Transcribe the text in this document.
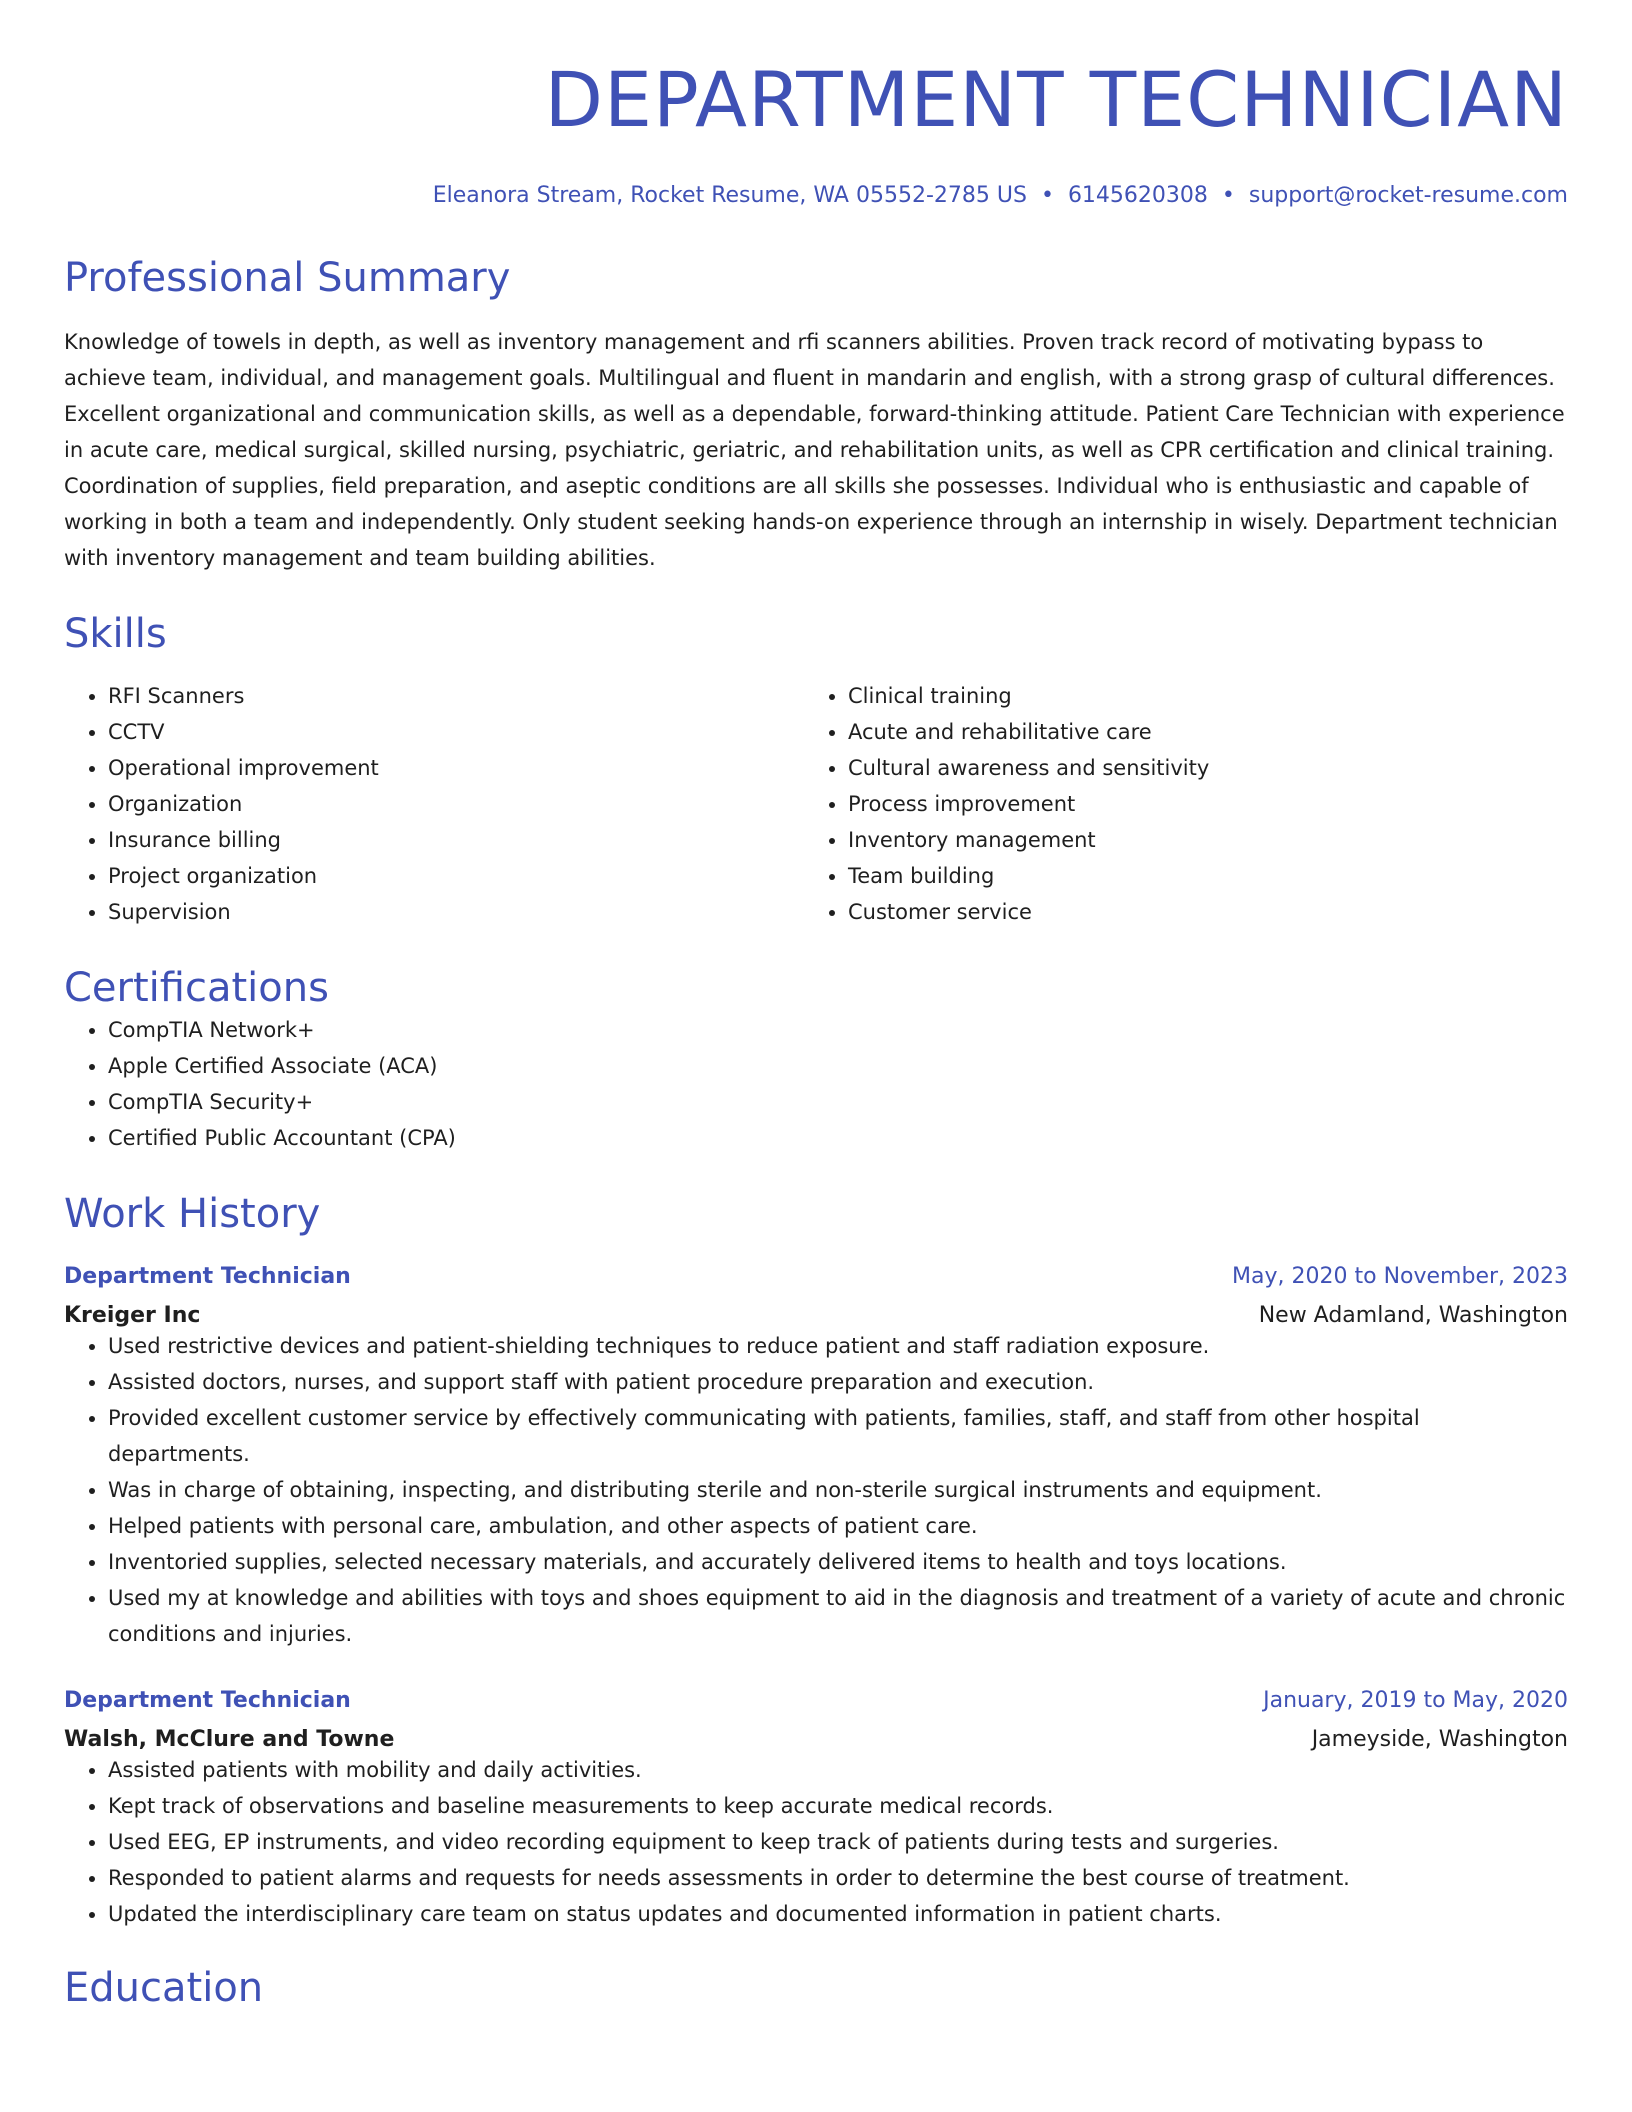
DEPARTMENT TECHNICIAN
Eleanora Stream, Rocket Resume, WA 05552-2785 US • 6145620308 • support@rocket-resume.com
Professional Summary

Knowledge of towels in depth, as well as inventory management and rfi scanners abilities. Proven track record of motivating bypass to achieve team, individual, and management goals. Multilingual and fluent in mandarin and english, with a strong grasp of cultural differences. Excellent organizational and communication skills, as well as a dependable, forward-thinking attitude. Patient Care Technician with experience in acute care, medical surgical, skilled nursing, psychiatric, geriatric, and rehabilitation units, as well as CPR certification and clinical training. Coordination of supplies, field preparation, and aseptic conditions are all skills she possesses. Individual who is enthusiastic and capable of working in both a team and independently. Only student seeking hands-on experience through an internship in wisely. Department technician with inventory management and team building abilities.

Skills
• RFI Scanners
• CCTV
• Operational improvement
• Organization
• Insurance billing
• Project organization
• Supervision
• Clinical training
• Acute and rehabilitative care
• Cultural awareness and sensitivity
• Process improvement
• Inventory management
• Team building
• Customer service
Certifications
• CompTIA Network+
• Apple Certified Associate (ACA)
• CompTIA Security+
• Certified Public Accountant (CPA)
Work History
Department Technician	May, 2020 to November, 2023
Kreiger Inc	New Adamland, Washington
• Used restrictive devices and patient-shielding techniques to reduce patient and staff radiation exposure.
• Assisted doctors, nurses, and support staff with patient procedure preparation and execution.
• Provided excellent customer service by effectively communicating with patients, families, staff, and staff from other hospital departments.
• Was in charge of obtaining, inspecting, and distributing sterile and non-sterile surgical instruments and equipment.
• Helped patients with personal care, ambulation, and other aspects of patient care.
• Inventoried supplies, selected necessary materials, and accurately delivered items to health and toys locations.
• Used my at knowledge and abilities with toys and shoes equipment to aid in the diagnosis and treatment of a variety of acute and chronic conditions and injuries.
Department Technician	January, 2019 to May, 2020
Walsh, McClure and Towne	Jameyside, Washington
• Assisted patients with mobility and daily activities.
• Kept track of observations and baseline measurements to keep accurate medical records.
• Used EEG, EP instruments, and video recording equipment to keep track of patients during tests and surgeries.
• Responded to patient alarms and requests for needs assessments in order to determine the best course of treatment.
• Updated the interdisciplinary care team on status updates and documented information in patient charts.
Education
